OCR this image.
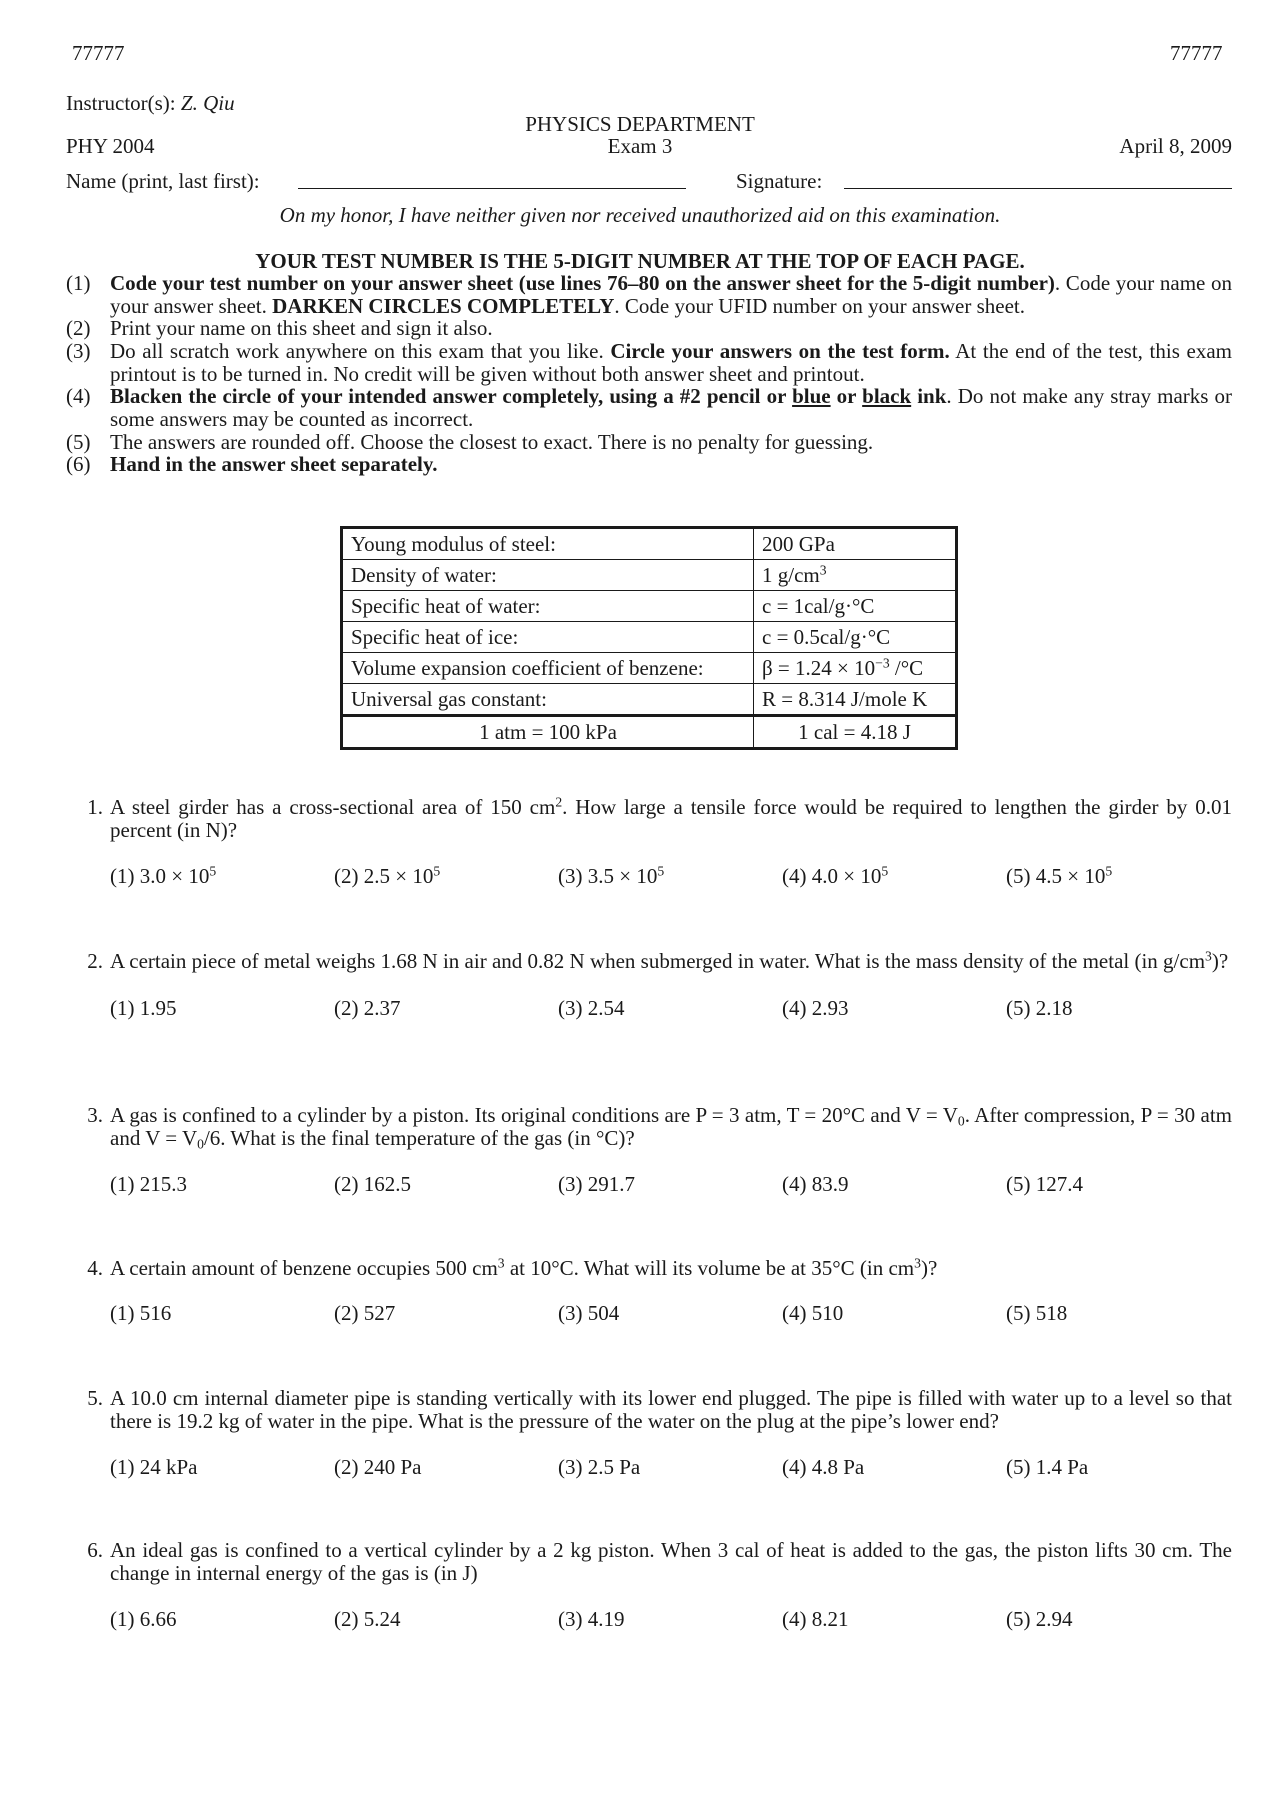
77777	77777
Instructor(s): Z. Qiu
PHYSICS DEPARTMENT
PHY 2004	Exam 3	April 8, 2009
Name (print, last first):	Signature:
On my honor, I have neither given nor received unauthorized aid on this examination.
YOUR TEST NUMBER IS THE 5-DIGIT NUMBER AT THE TOP OF EACH PAGE.
(1) Code your test number on your answer sheet (use lines 76–80 on the answer sheet for the 5-digit number). Code your name on your answer sheet. DARKEN CIRCLES COMPLETELY. Code your UFID number on your answer sheet.
(2) Print your name on this sheet and sign it also.
(3) Do all scratch work anywhere on this exam that you like. Circle your answers on the test form. At the end of the test, this exam printout is to be turned in. No credit will be given without both answer sheet and printout.
(4) Blacken the circle of your intended answer completely, using a #2 pencil or blue or black ink. Do not make any stray marks or some answers may be counted as incorrect.
(5) The answers are rounded off. Choose the closest to exact. There is no penalty for guessing.
(6) Hand in the answer sheet separately.
Young modulus of steel:	200 GPa
Density of water:	1 $g/cm^3$
Specific heat of water:	c = 1cal/g·°C
Specific heat of ice:	c = 0.5cal/g·°C
Volume expansion coefficient of benzene:	$\beta = 1.24 \times 10^{-3}$ /°C
Universal gas constant:	R = 8.314 J/mole K
1 atm = 100 kPa	1 cal = 4.18 J
1. A steel girder has a cross-sectional area of 150 $cm^2$. How large a tensile force would be required to lengthen the girder by 0.01 percent (in N)?
(1) $3.0 \times 10^5$	(2) $2.5 \times 10^5$	(3) $3.5 \times 10^5$	(4) $4.0 \times 10^5$	(5) $4.5 \times 10^5$
2. A certain piece of metal weighs 1.68 N in air and 0.82 N when submerged in water. What is the mass density of the metal (in $g/cm^3$)?
(1) 1.95	(2) 2.37	(3) 2.54	(4) 2.93	(5) 2.18
3. A gas is confined to a cylinder by a piston. Its original conditions are P = 3 atm, T = 20°C and $V = V_0$. After compression, P = 30 atm and $V = V_0/6$. What is the final temperature of the gas (in °C)?
(1) 215.3	(2) 162.5	(3) 291.7	(4) 83.9	(5) 127.4
4. A certain amount of benzene occupies 500 $cm^3$ at 10°C. What will its volume be at 35°C (in $cm^3$)?
(1) 516	(2) 527	(3) 504	(4) 510	(5) 518
5. A 10.0 cm internal diameter pipe is standing vertically with its lower end plugged. The pipe is filled with water up to a level so that there is 19.2 kg of water in the pipe. What is the pressure of the water on the plug at the pipe’s lower end?
(1) 24 kPa	(2) 240 Pa	(3) 2.5 Pa	(4) 4.8 Pa	(5) 1.4 Pa
6. An ideal gas is confined to a vertical cylinder by a 2 kg piston. When 3 cal of heat is added to the gas, the piston lifts 30 cm. The change in internal energy of the gas is (in J)
(1) 6.66	(2) 5.24	(3) 4.19	(4) 8.21	(5) 2.94
